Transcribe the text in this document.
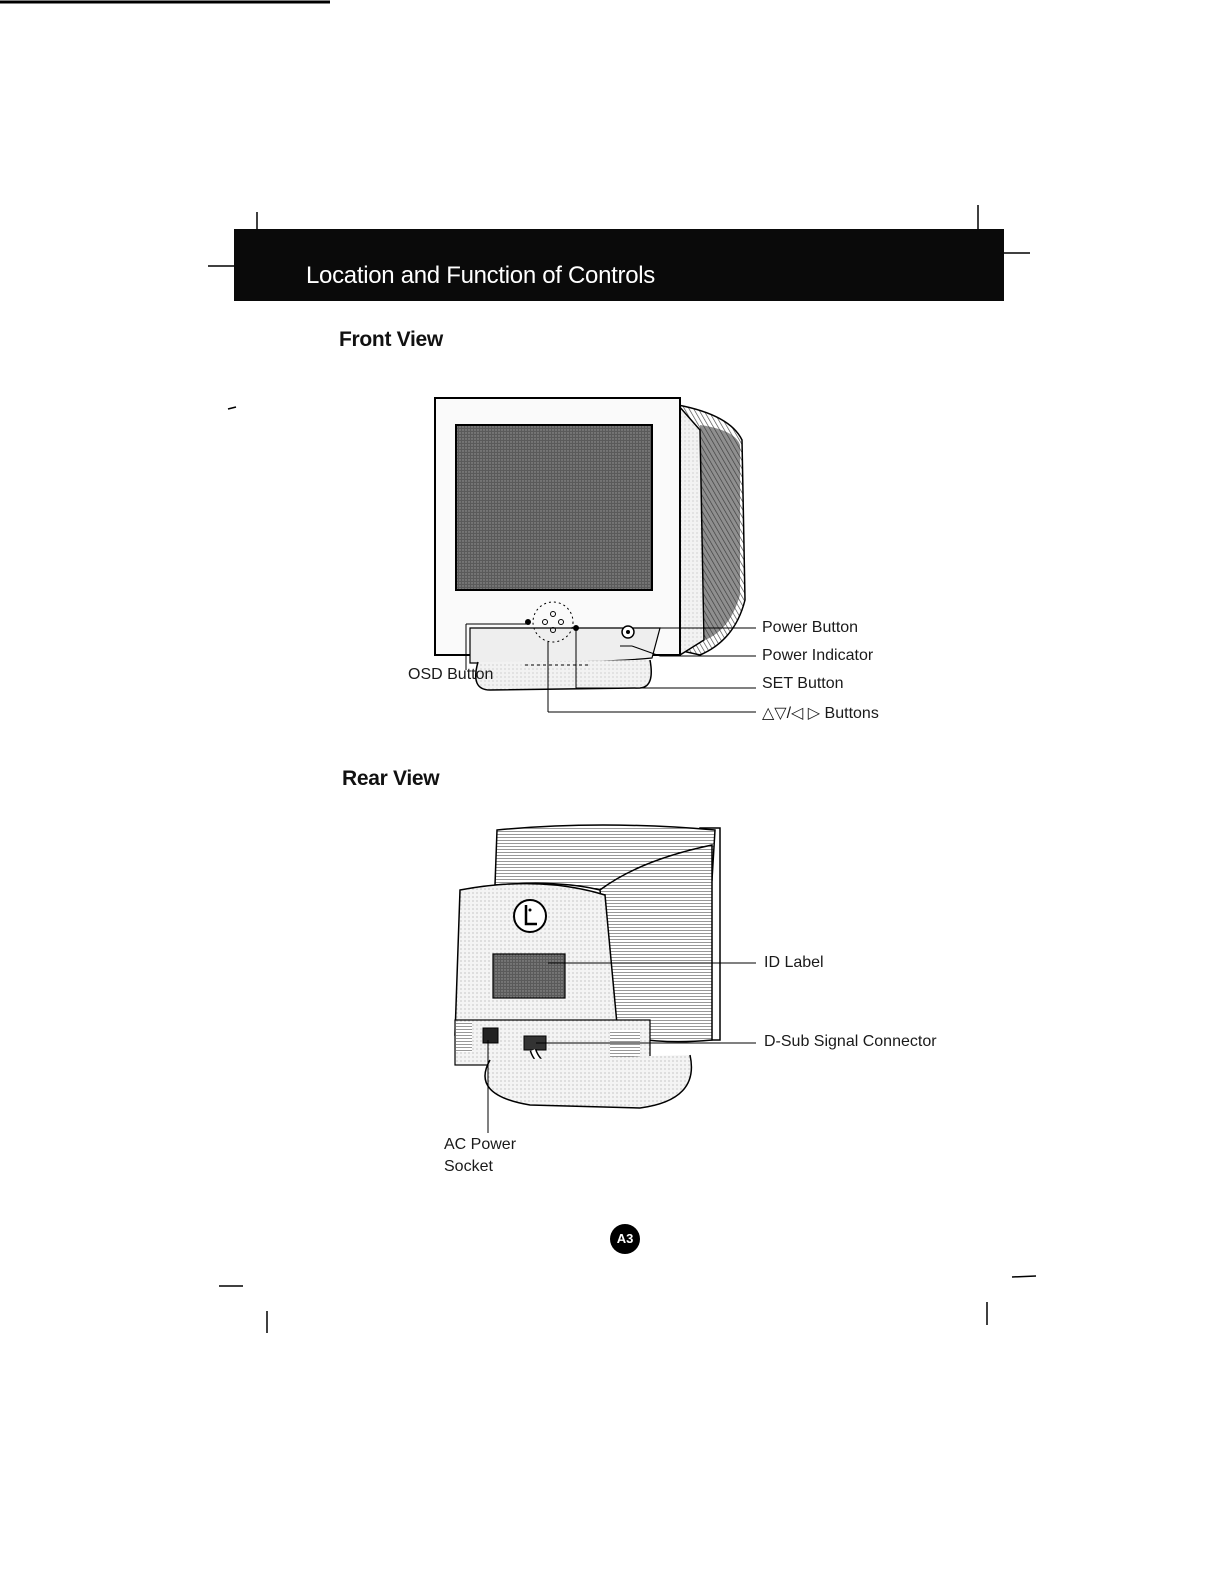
Location and Function of Controls
Front View
Power Button
Power Indicator
SET Button
△▽/◁ ▷ Buttons
OSD Button
Rear View
ID Label
D-Sub Signal Connector
AC Power
Socket
A3
